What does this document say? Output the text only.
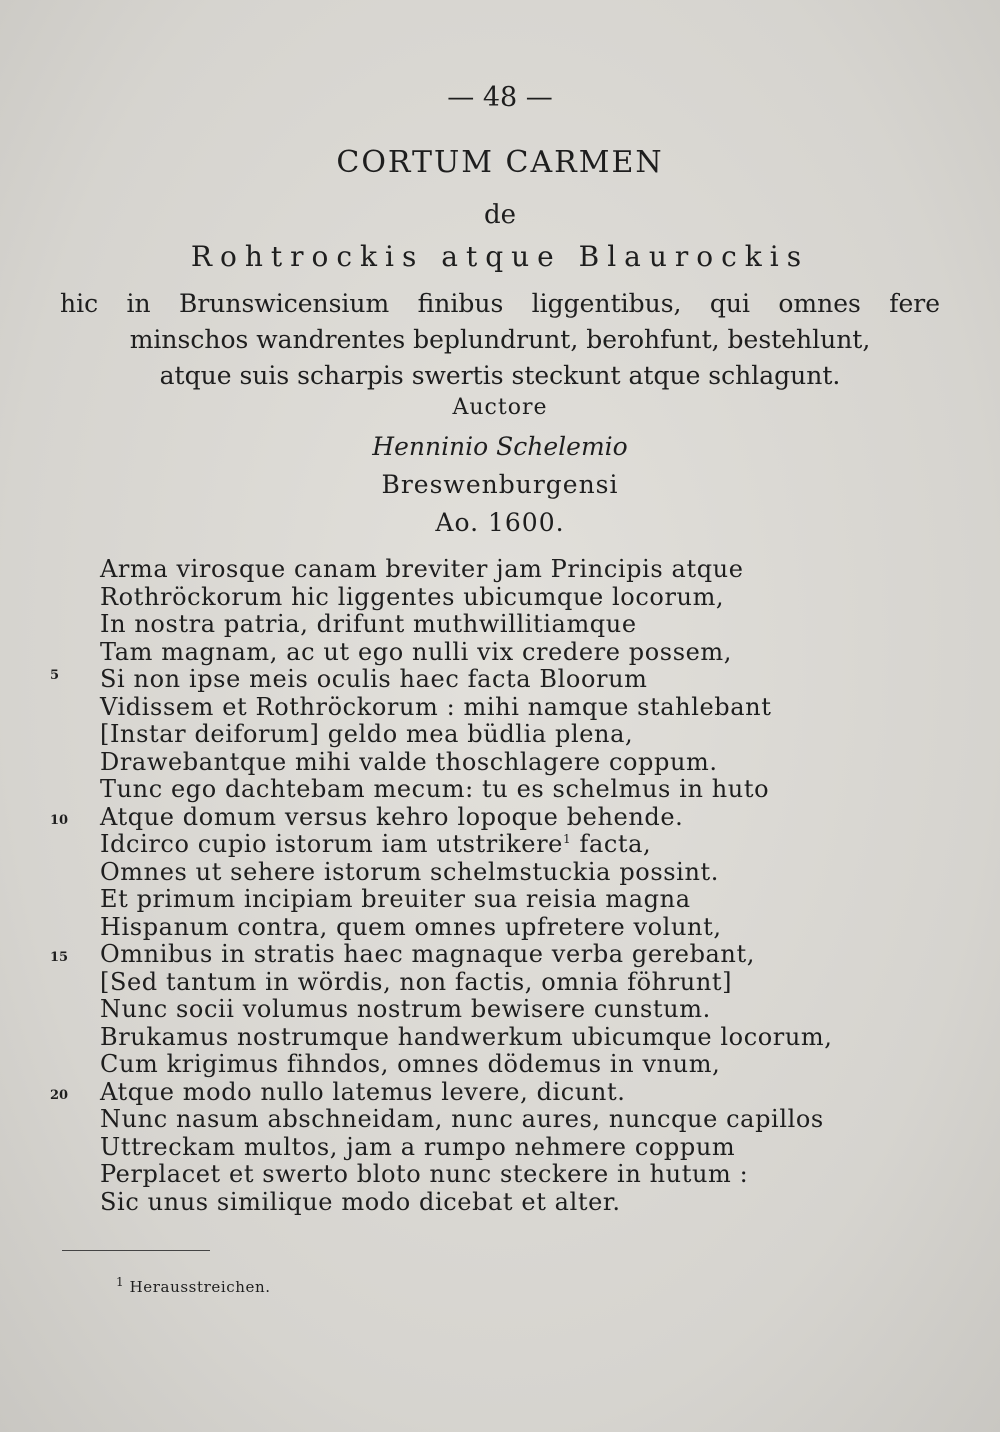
— 48 —
CORTUM CARMEN
de
Rohtrockis atque Blaurockis
hic in Brunswicensium finibus liggentibus, qui omnes fere
minschos wandrentes beplundrunt, berohfunt, bestehlunt,
atque suis scharpis swertis steckunt atque schlagunt.
Auctore
Henninio Schelemio
Breswenburgensi
Ao. 1600.
5
10
15
20
Arma virosque canam breviter jam Principis atque
Rothröckorum hic liggentes ubicumque locorum,
In nostra patria, drifunt muthwillitiamque
Tam magnam, ac ut ego nulli vix credere possem,
Si non ipse meis oculis haec facta Bloorum
Vidissem et Rothröckorum : mihi namque stahlebant
[Instar deiforum] geldo mea büdlia plena,
Drawebantque mihi valde thoschlagere coppum.
Tunc ego dachtebam mecum: tu es schelmus in huto
Atque domum versus kehro lopoque behende.
Idcirco cupio istorum iam utstrikere$^1$ facta,
Omnes ut sehere istorum schelmstuckia possint.
Et primum incipiam breuiter sua reisia magna
Hispanum contra, quem omnes upfretere volunt,
Omnibus in stratis haec magnaque verba gerebant,
[Sed tantum in wördis, non factis, omnia föhrunt]
Nunc socii volumus nostrum bewisere cunstum.
Brukamus nostrumque handwerkum ubicumque locorum,
Cum krigimus fihndos, omnes dödemus in vnum,
Atque modo nullo latemus levere, dicunt.
Nunc nasum abschneidam, nunc aures, nuncque capillos
Uttreckam multos, jam a rumpo nehmere coppum
Perplacet et swerto bloto nunc steckere in hutum :
Sic unus similique modo dicebat et alter.
$^1$ Herausstreichen.
